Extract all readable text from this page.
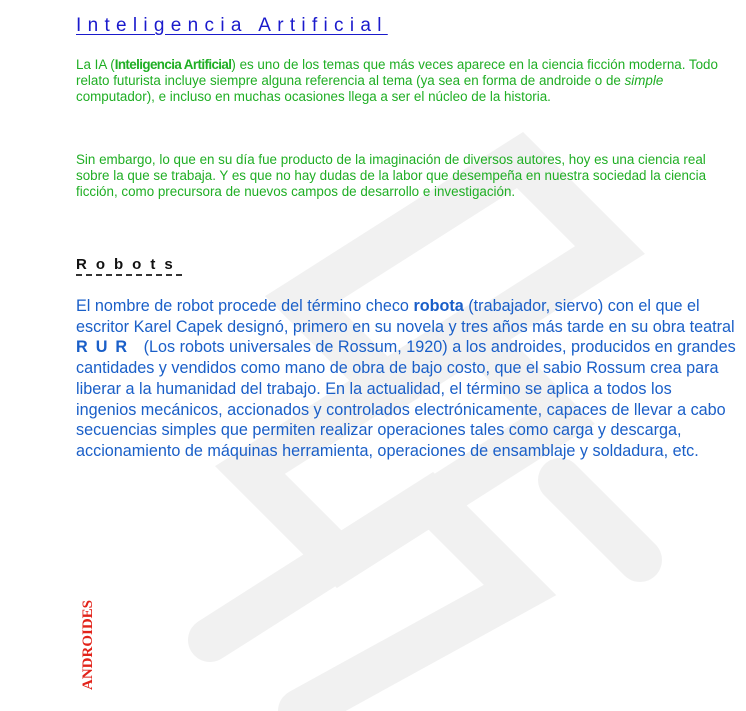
Inteligencia Artificial

La IA (Inteligencia Artificial) es uno de los temas que más veces aparece en la ciencia ficción moderna. Todo relato futurista incluye siempre alguna referencia al tema (ya sea en forma de androide o de simple computador), e incluso en muchas ocasiones llega a ser el núcleo de la historia.

Sin embargo, lo que en su día fue producto de la imaginación de diversos autores, hoy es una ciencia real sobre la que se trabaja. Y es que no hay dudas de la labor que desempeña en nuestra sociedad la ciencia ficción, como precursora de nuevos campos de desarrollo e investigación.

Robots

El nombre de robot procede del término checo robota (trabajador, siervo) con el que el escritor Karel Capek designó, primero en su novela y tres años más tarde en su obra teatral RUR (Los robots universales de Rossum, 1920) a los androides, producidos en grandes cantidades y vendidos como mano de obra de bajo costo, que el sabio Rossum crea para liberar a la humanidad del trabajo. En la actualidad, el término se aplica a todos los ingenios mecánicos, accionados y controlados electrónicamente, capaces de llevar a cabo secuencias simples que permiten realizar operaciones tales como carga y descarga, accionamiento de máquinas herramienta, operaciones de ensamblaje y soldadura, etc.

ANDROIDES
